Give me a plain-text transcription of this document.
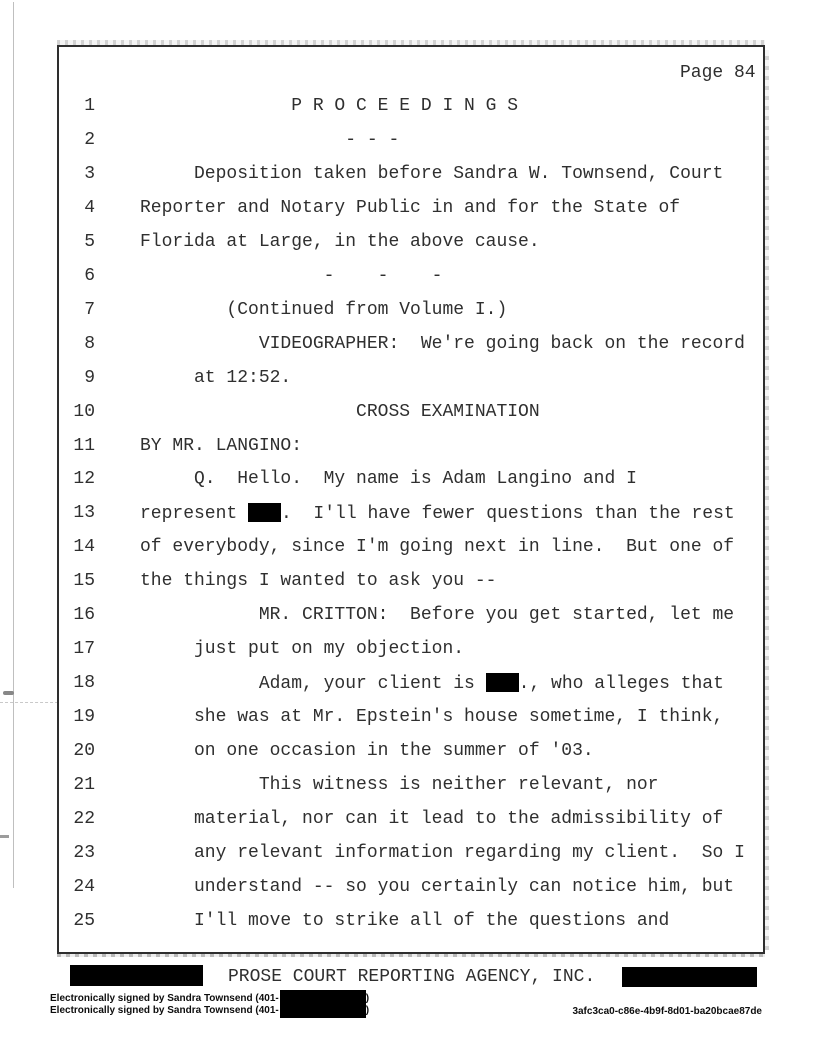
Page 84
1	P R O C E E D I N G S
2	- - -
3	Deposition taken before Sandra W. Townsend, Court
4	Reporter and Notary Public in and for the State of
5	Florida at Large, in the above cause.
6	-    -    -
7	(Continued from Volume I.)
8	VIDEOGRAPHER:  We're going back on the record
9	at 12:52.
10	CROSS EXAMINATION
11	BY MR. LANGINO:
12	Q.  Hello.  My name is Adam Langino and I
13	represent .  I'll have fewer questions than the rest
14	of everybody, since I'm going next in line.  But one of
15	the things I wanted to ask you --
16	MR. CRITTON:  Before you get started, let me
17	just put on my objection.
18	Adam, your client is ., who alleges that
19	she was at Mr. Epstein's house sometime, I think,
20	on one occasion in the summer of '03.
21	This witness is neither relevant, nor
22	material, nor can it lead to the admissibility of
23	any relevant information regarding my client.  So I
24	understand -- so you certainly can notice him, but
25	I'll move to strike all of the questions and
PROSE COURT REPORTING AGENCY, INC.
Electronically signed by Sandra Townsend (401-	)
Electronically signed by Sandra Townsend (401-	)	3afc3ca0-c86e-4b9f-8d01-ba20bcae87de
